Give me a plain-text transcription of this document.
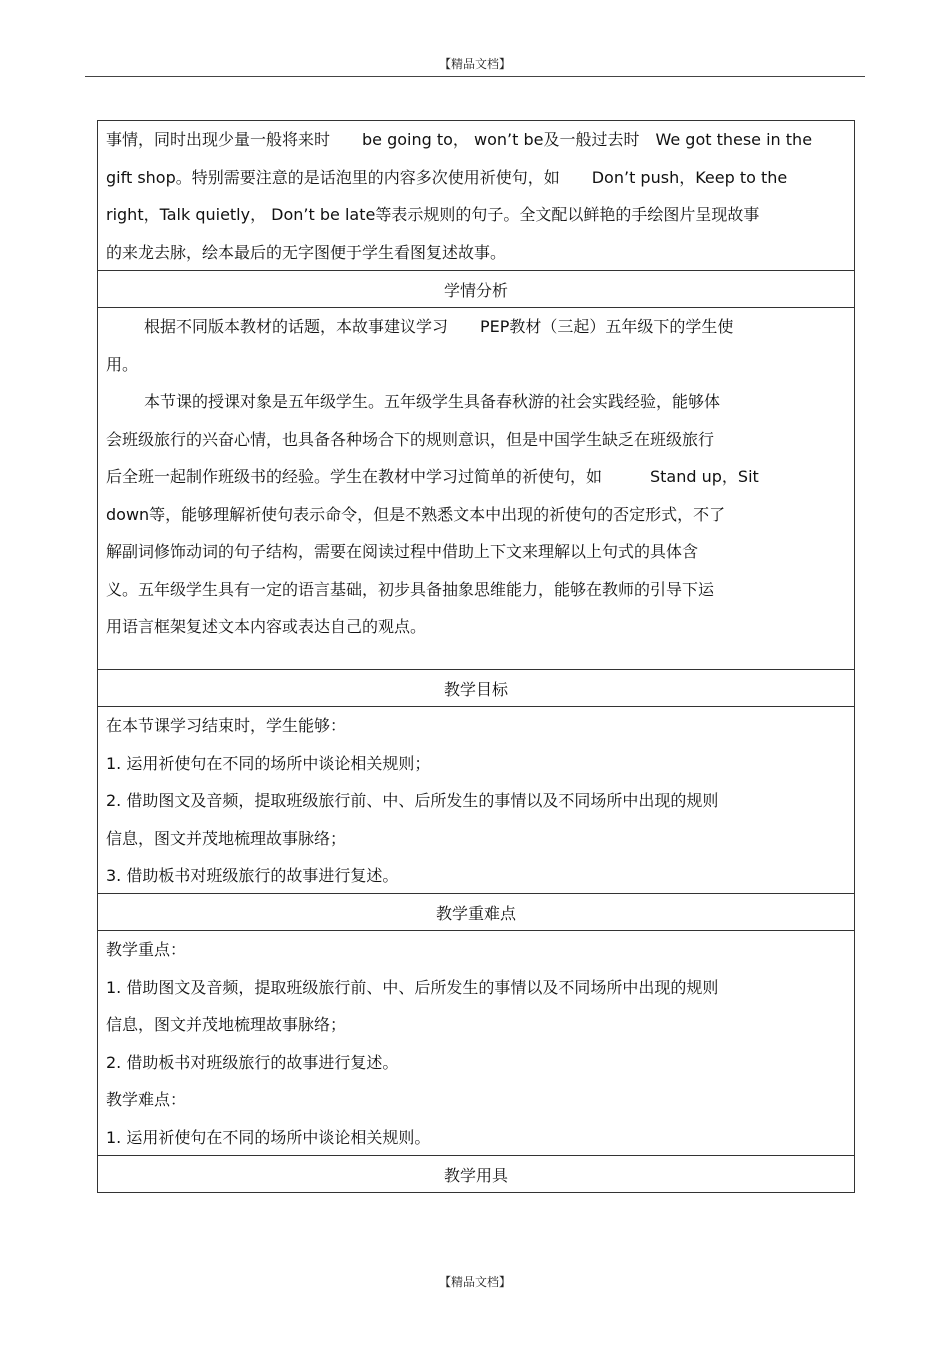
【精品文档】

事情，同时出现少量一般将来时　　be going to， won’t be及一般过去时　We got these in the

gift shop。特别需要注意的是话泡里的内容多次使用祈使句，如　　Don’t push，Keep to the

right，Talk quietly， Don’t be late等表示规则的句子。全文配以鲜艳的手绘图片呈现故事

的来龙去脉，绘本最后的无字图便于学生看图复述故事。

学情分析

根据不同版本教材的话题，本故事建议学习　　PEP教材（三起）五年级下的学生使

用。

本节课的授课对象是五年级学生。五年级学生具备春秋游的社会实践经验，能够体

会班级旅行的兴奋心情，也具备各种场合下的规则意识，但是中国学生缺乏在班级旅行

后全班一起制作班级书的经验。学生在教材中学习过简单的祈使句，如　　　Stand up，Sit

down等，能够理解祈使句表示命令，但是不熟悉文本中出现的祈使句的否定形式，不了

解副词修饰动词的句子结构，需要在阅读过程中借助上下文来理解以上句式的具体含

义。五年级学生具有一定的语言基础，初步具备抽象思维能力，能够在教师的引导下运

用语言框架复述文本内容或表达自己的观点。

教学目标

在本节课学习结束时，学生能够：

1. 运用祈使句在不同的场所中谈论相关规则；

2. 借助图文及音频，提取班级旅行前、中、后所发生的事情以及不同场所中出现的规则

信息，图文并茂地梳理故事脉络；

3. 借助板书对班级旅行的故事进行复述。

教学重难点

教学重点：

1. 借助图文及音频，提取班级旅行前、中、后所发生的事情以及不同场所中出现的规则

信息，图文并茂地梳理故事脉络；

2. 借助板书对班级旅行的故事进行复述。

教学难点：

1. 运用祈使句在不同的场所中谈论相关规则。

教学用具
【精品文档】
